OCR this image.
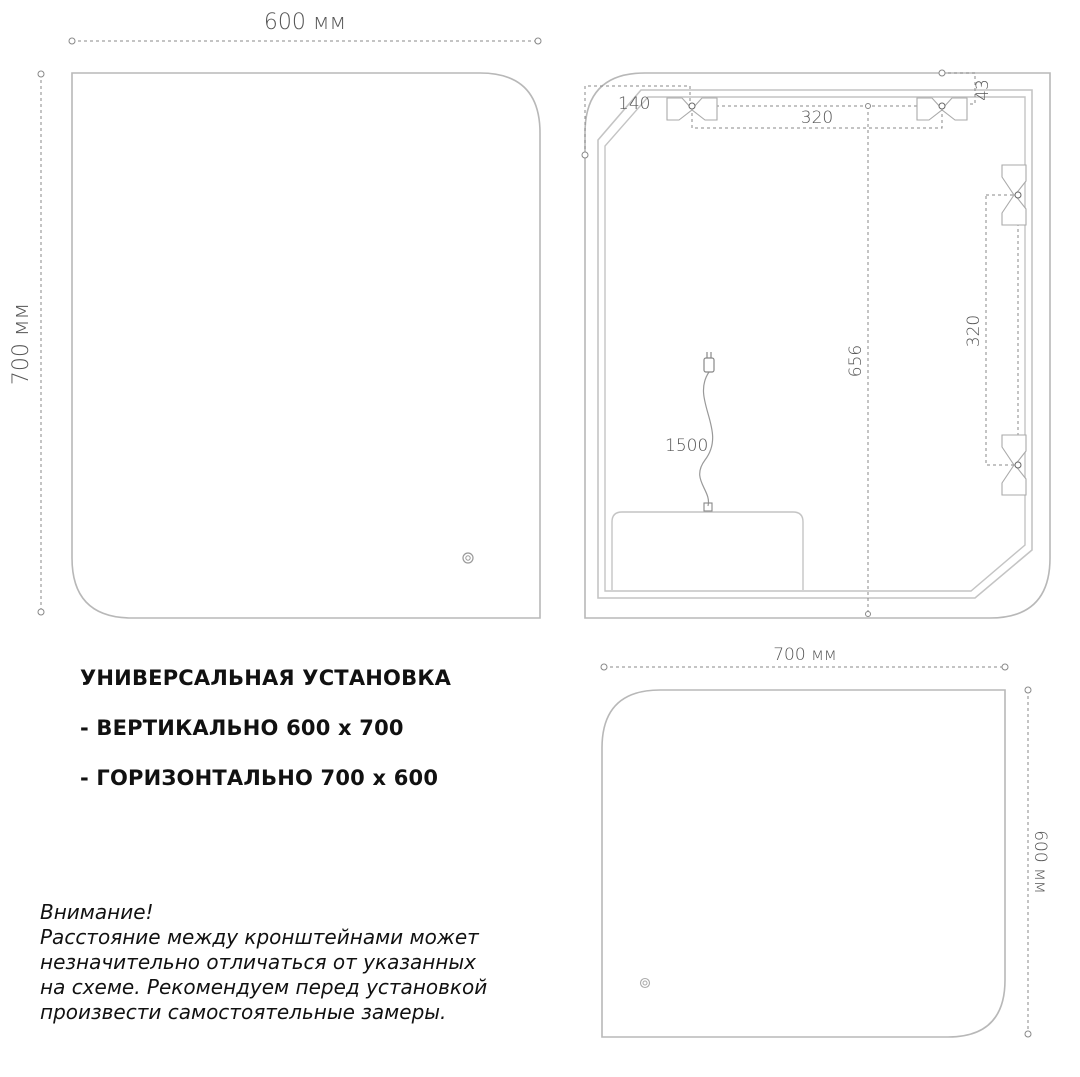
600 мм
700 мм
140
43
320
320
656
1500
700 мм
600 мм
УНИВЕРСАЛЬНАЯ УСТАНОВКА
- ВЕРТИКАЛЬНО 600 х 700
- ГОРИЗОНТАЛЬНО 700 х 600
Внимание!
Расстояние между кронштейнами может
незначительно отличаться от указанных
на схеме. Рекомендуем перед установкой
произвести самостоятельные замеры.
